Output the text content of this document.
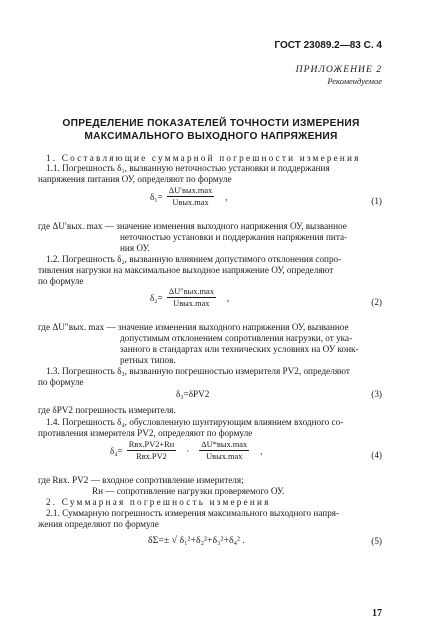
ГОСТ 23089.2—83 С. 4
ПРИЛОЖЕНИЕ 2
Рекомендуемое
ОПРЕДЕЛЕНИЕ ПОКАЗАТЕЛЕЙ ТОЧНОСТИ ИЗМЕРЕНИЯ
МАКСИМАЛЬНОГО ВЫХОДНОГО НАПРЯЖЕНИЯ
1. Составляющие суммарной погрешности измерения
1.1. Погрешность δ₁, вызванную неточностью установки и поддержания
напряжения питания ОУ, определяют по формуле
$\delta_1= \frac{\text{ΔU′вых.max}}{\text{Uвых.max}}$ ,	(1)
где ΔU′вых. max — значение изменения выходного напряжения ОУ, вызванное
неточностью установки и поддержания напряжения пита-
ния ОУ.
1.2. Погрешность δ₂, вызванную влиянием допустимого отклонения сопро-
тивления нагрузки на максимальное выходное напряжение ОУ, определяют
по формуле
$\delta_2= \frac{\text{ΔU″вых.max}}{\text{Uвых.max}}$ ,	(2)
где ΔU″вых. max — значение изменения выходного напряжения ОУ, вызванное
допустимым отклонением сопротивления нагрузки, от ука-
занного в стандартах или технических условиях на ОУ конк-
ретных типов.
1.3. Погрешность δ₃, вызванную погрешностью измерителя PV2, определяют
по формуле
δ₃=δPV2	(3)
где δPV2 погрешность измерителя.
1.4. Погрешность δ₄, обусловленную шунтирующим влиянием входного со-
противления измерителя PV2, определяют по формуле
$\delta_4= \frac{\text{Rвх.PV2+Rн}}{\text{Rвх.PV2}} \cdot \frac{\text{ΔU*вых.max}}{\text{Uвых.max}}$ ,	(4)
где Rвх. PV2 — входное сопротивление измерителя;
Rн — сопротивление нагрузки проверяемого ОУ.
2. Суммарная погрешность измерения
2.1. Суммарную погрешность измерения максимального выходного напря-
жения определяют по формуле
δΣ=± √ δ₁²+δ₂²+δ₃²+δ₄² .	(5)
17
